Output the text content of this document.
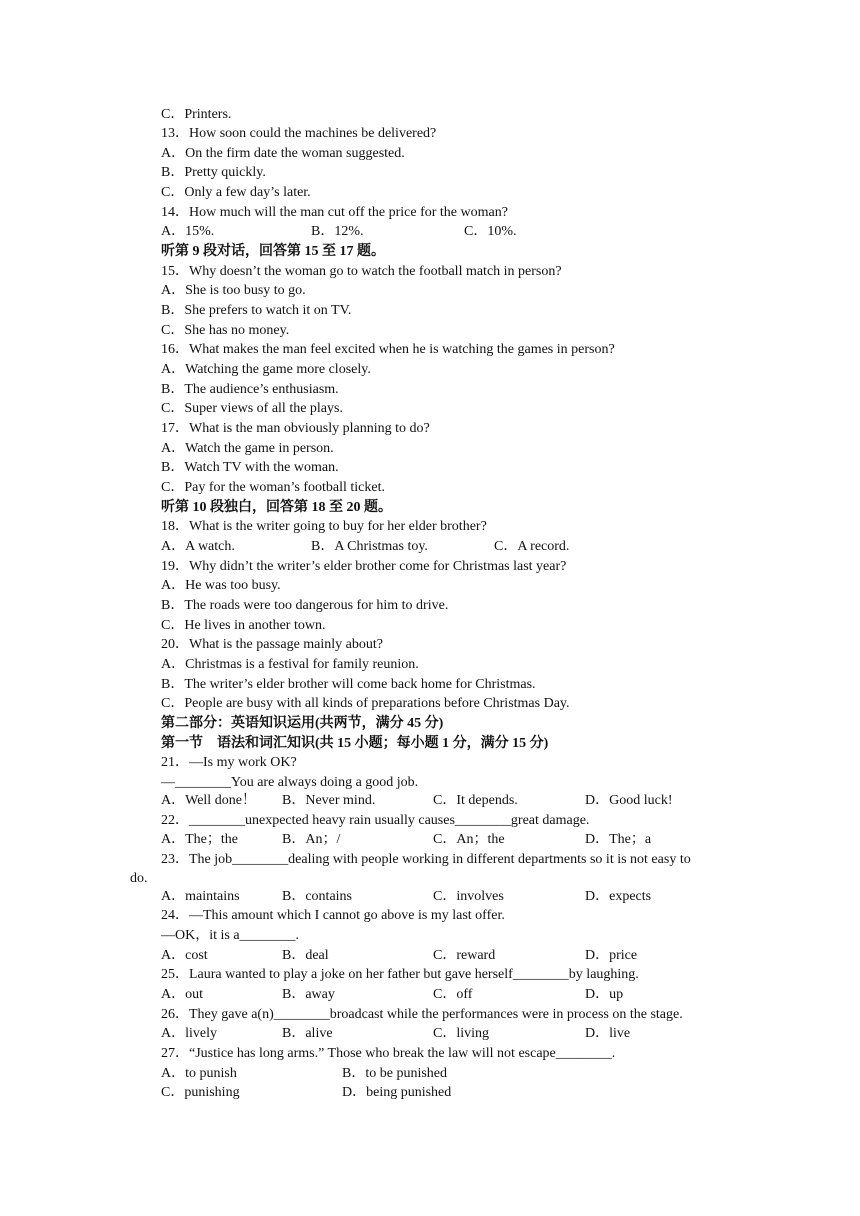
C．Printers.
13．How soon could the machines be delivered?
A．On the firm date the woman suggested.
B．Pretty quickly.
C．Only a few day’s later.
14．How much will the man cut off the price for the woman?
A．15%.	B．12%.	C．10%.
听第 9 段对话，回答第 15 至 17 题。
15．Why doesn’t the woman go to watch the football match in person?
A．She is too busy to go.
B．She prefers to watch it on TV.
C．She has no money.
16．What makes the man feel excited when he is watching the games in person?
A．Watching the game more closely.
B．The audience’s enthusiasm.
C．Super views of all the plays.
17．What is the man obviously planning to do?
A．Watch the game in person.
B．Watch TV with the woman.
C．Pay for the woman’s football ticket.
听第 10 段独白，回答第 18 至 20 题。
18．What is the writer going to buy for her elder brother?
A．A watch.	B．A Christmas toy.	C．A record.
19．Why didn’t the writer’s elder brother come for Christmas last year?
A．He was too busy.
B．The roads were too dangerous for him to drive.
C．He lives in another town.
20．What is the passage mainly about?
A．Christmas is a festival for family reunion.
B．The writer’s elder brother will come back home for Christmas.
C．People are busy with all kinds of preparations before Christmas Day.
第二部分：英语知识运用(共两节，满分 45 分)
第一节　语法和词汇知识(共 15 小题；每小题 1 分，满分 15 分)
21．—Is my work OK?
—________You are always doing a good job.
A．Well done！ B．Never mind.	C．It depends.	D．Good luck!
22．________unexpected heavy rain usually causes________great damage.
A．The；the	B．An；/	C．An；the	D．The；a
23．The job________dealing with people working in different departments so it is not easy to
do.
A．maintains	B．contains	C．involves	D．expects
24．—This amount which I cannot go above is my last offer.
—OK，it is a________.
A．cost	B．deal	C．reward	D．price
25．Laura wanted to play a joke on her father but gave herself________by laughing.
A．out	B．away	C．off	D．up
26．They gave a(n)________broadcast while the performances were in process on the stage.
A．lively	B．alive	C．living	D．live
27．“Justice has long arms.” Those who break the law will not escape________.
A．to punish	B．to be punished
C．punishing	D．being punished
